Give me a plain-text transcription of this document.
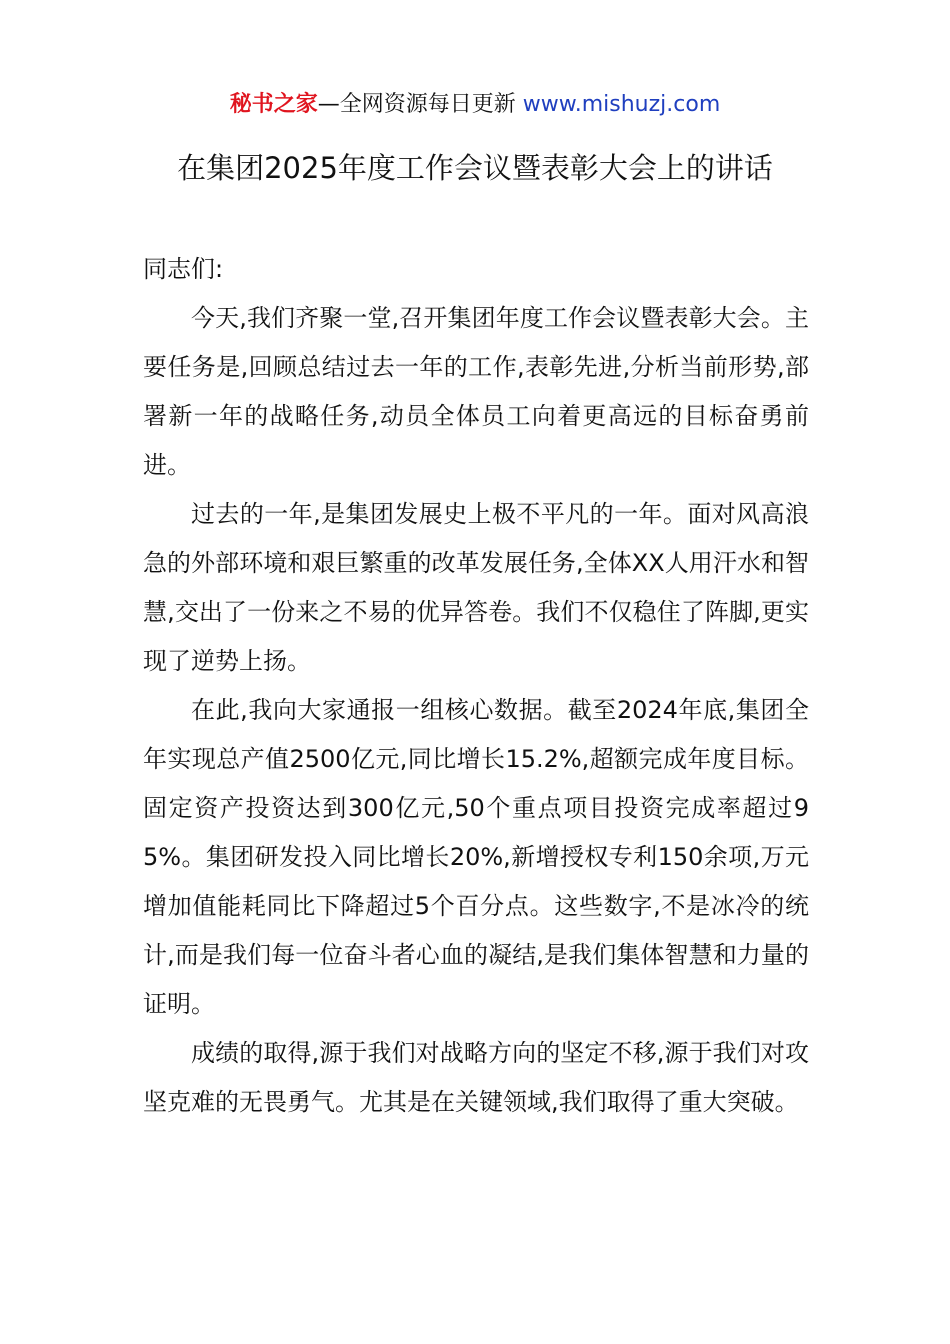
秘书之家—全网资源每日更新 www.mishuzj.com
在集团2025年度工作会议暨表彰大会上的讲话

同志们:

今天,我们齐聚一堂,召开集团年度工作会议暨表彰大会。主要任务是,回顾总结过去一年的工作,表彰先进,分析当前形势,部署新一年的战略任务,动员全体员工向着更高远的目标奋勇前进。

过去的一年,是集团发展史上极不平凡的一年。面对风高浪急的外部环境和艰巨繁重的改革发展任务,全体XX人用汗水和智慧,交出了一份来之不易的优异答卷。我们不仅稳住了阵脚,更实现了逆势上扬。

在此,我向大家通报一组核心数据。截至2024年底,集团全年实现总产值2500亿元,同比增长15.2%,超额完成年度目标。固定资产投资达到300亿元,50个重点项目投资完成率超过95%。集团研发投入同比增长20%,新增授权专利150余项,万元增加值能耗同比下降超过5个百分点。这些数字,不是冰冷的统计,而是我们每一位奋斗者心血的凝结,是我们集体智慧和力量的证明。

成绩的取得,源于我们对战略方向的坚定不移,源于我们对攻坚克难的无畏勇气。尤其是在关键领域,我们取得了重大突破。
